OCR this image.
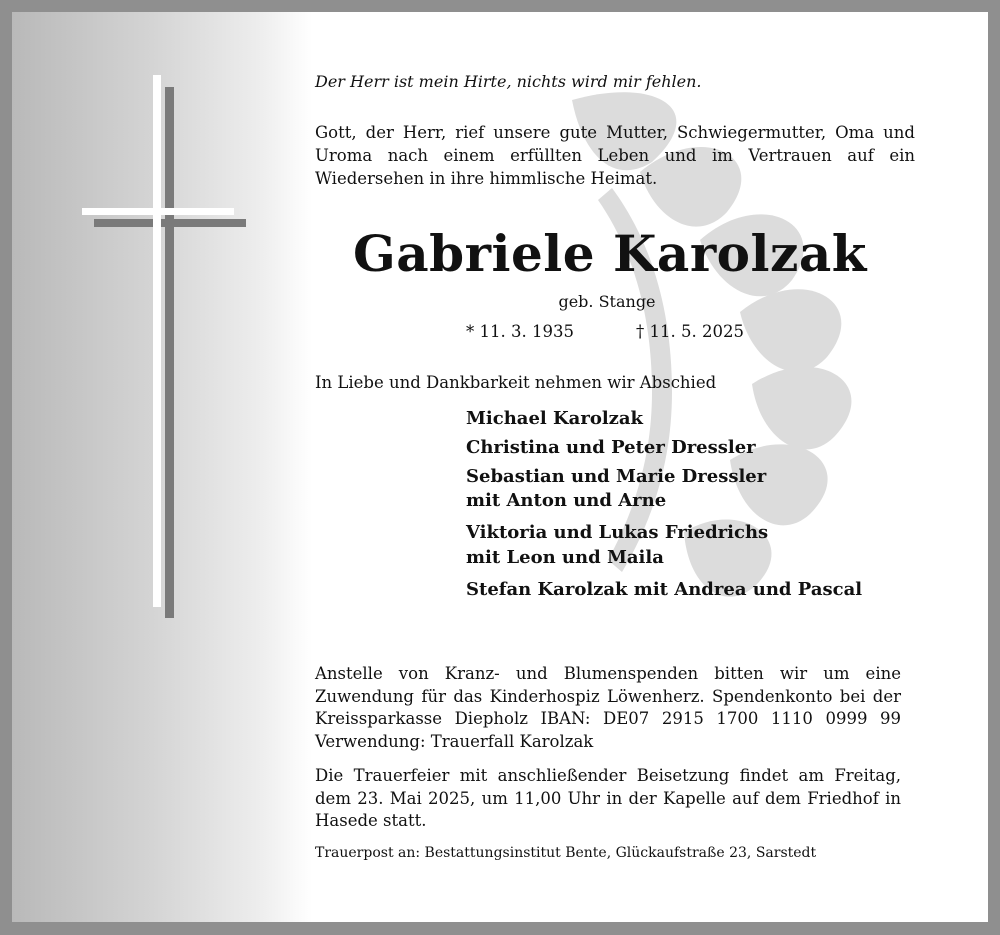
Der Herr ist mein Hirte, nichts wird mir fehlen.

Gott, der Herr, rief unsere gute Mutter, Schwiegermutter, Oma und Uroma nach einem erfüllten Leben und im Vertrauen auf ein Wiedersehen in ihre himmlische Heimat.

Gabriele Karolzak

geb. Stange

* 11. 3. 1935	† 11. 5. 2025

In Liebe und Dankbarkeit nehmen wir Abschied

Michael Karolzak
Christina und Peter Dressler
Sebastian und Marie Dressler
mit Anton und Arne
Viktoria und Lukas Friedrichs
mit Leon und Maila
Stefan Karolzak mit Andrea und Pascal

Anstelle von Kranz- und Blumenspenden bitten wir um eine Zuwendung für das Kinderhospiz Löwenherz. Spendenkonto bei der Kreissparkasse Diepholz IBAN: DE07 2915 1700 1110 0999 99 Verwendung: Trauerfall Karolzak

Die Trauerfeier mit anschließender Beisetzung findet am Freitag, dem 23. Mai 2025, um 11,00 Uhr in der Kapelle auf dem Friedhof in Hasede statt.

Trauerpost an: Bestattungsinstitut Bente, Glückaufstraße 23, Sarstedt
